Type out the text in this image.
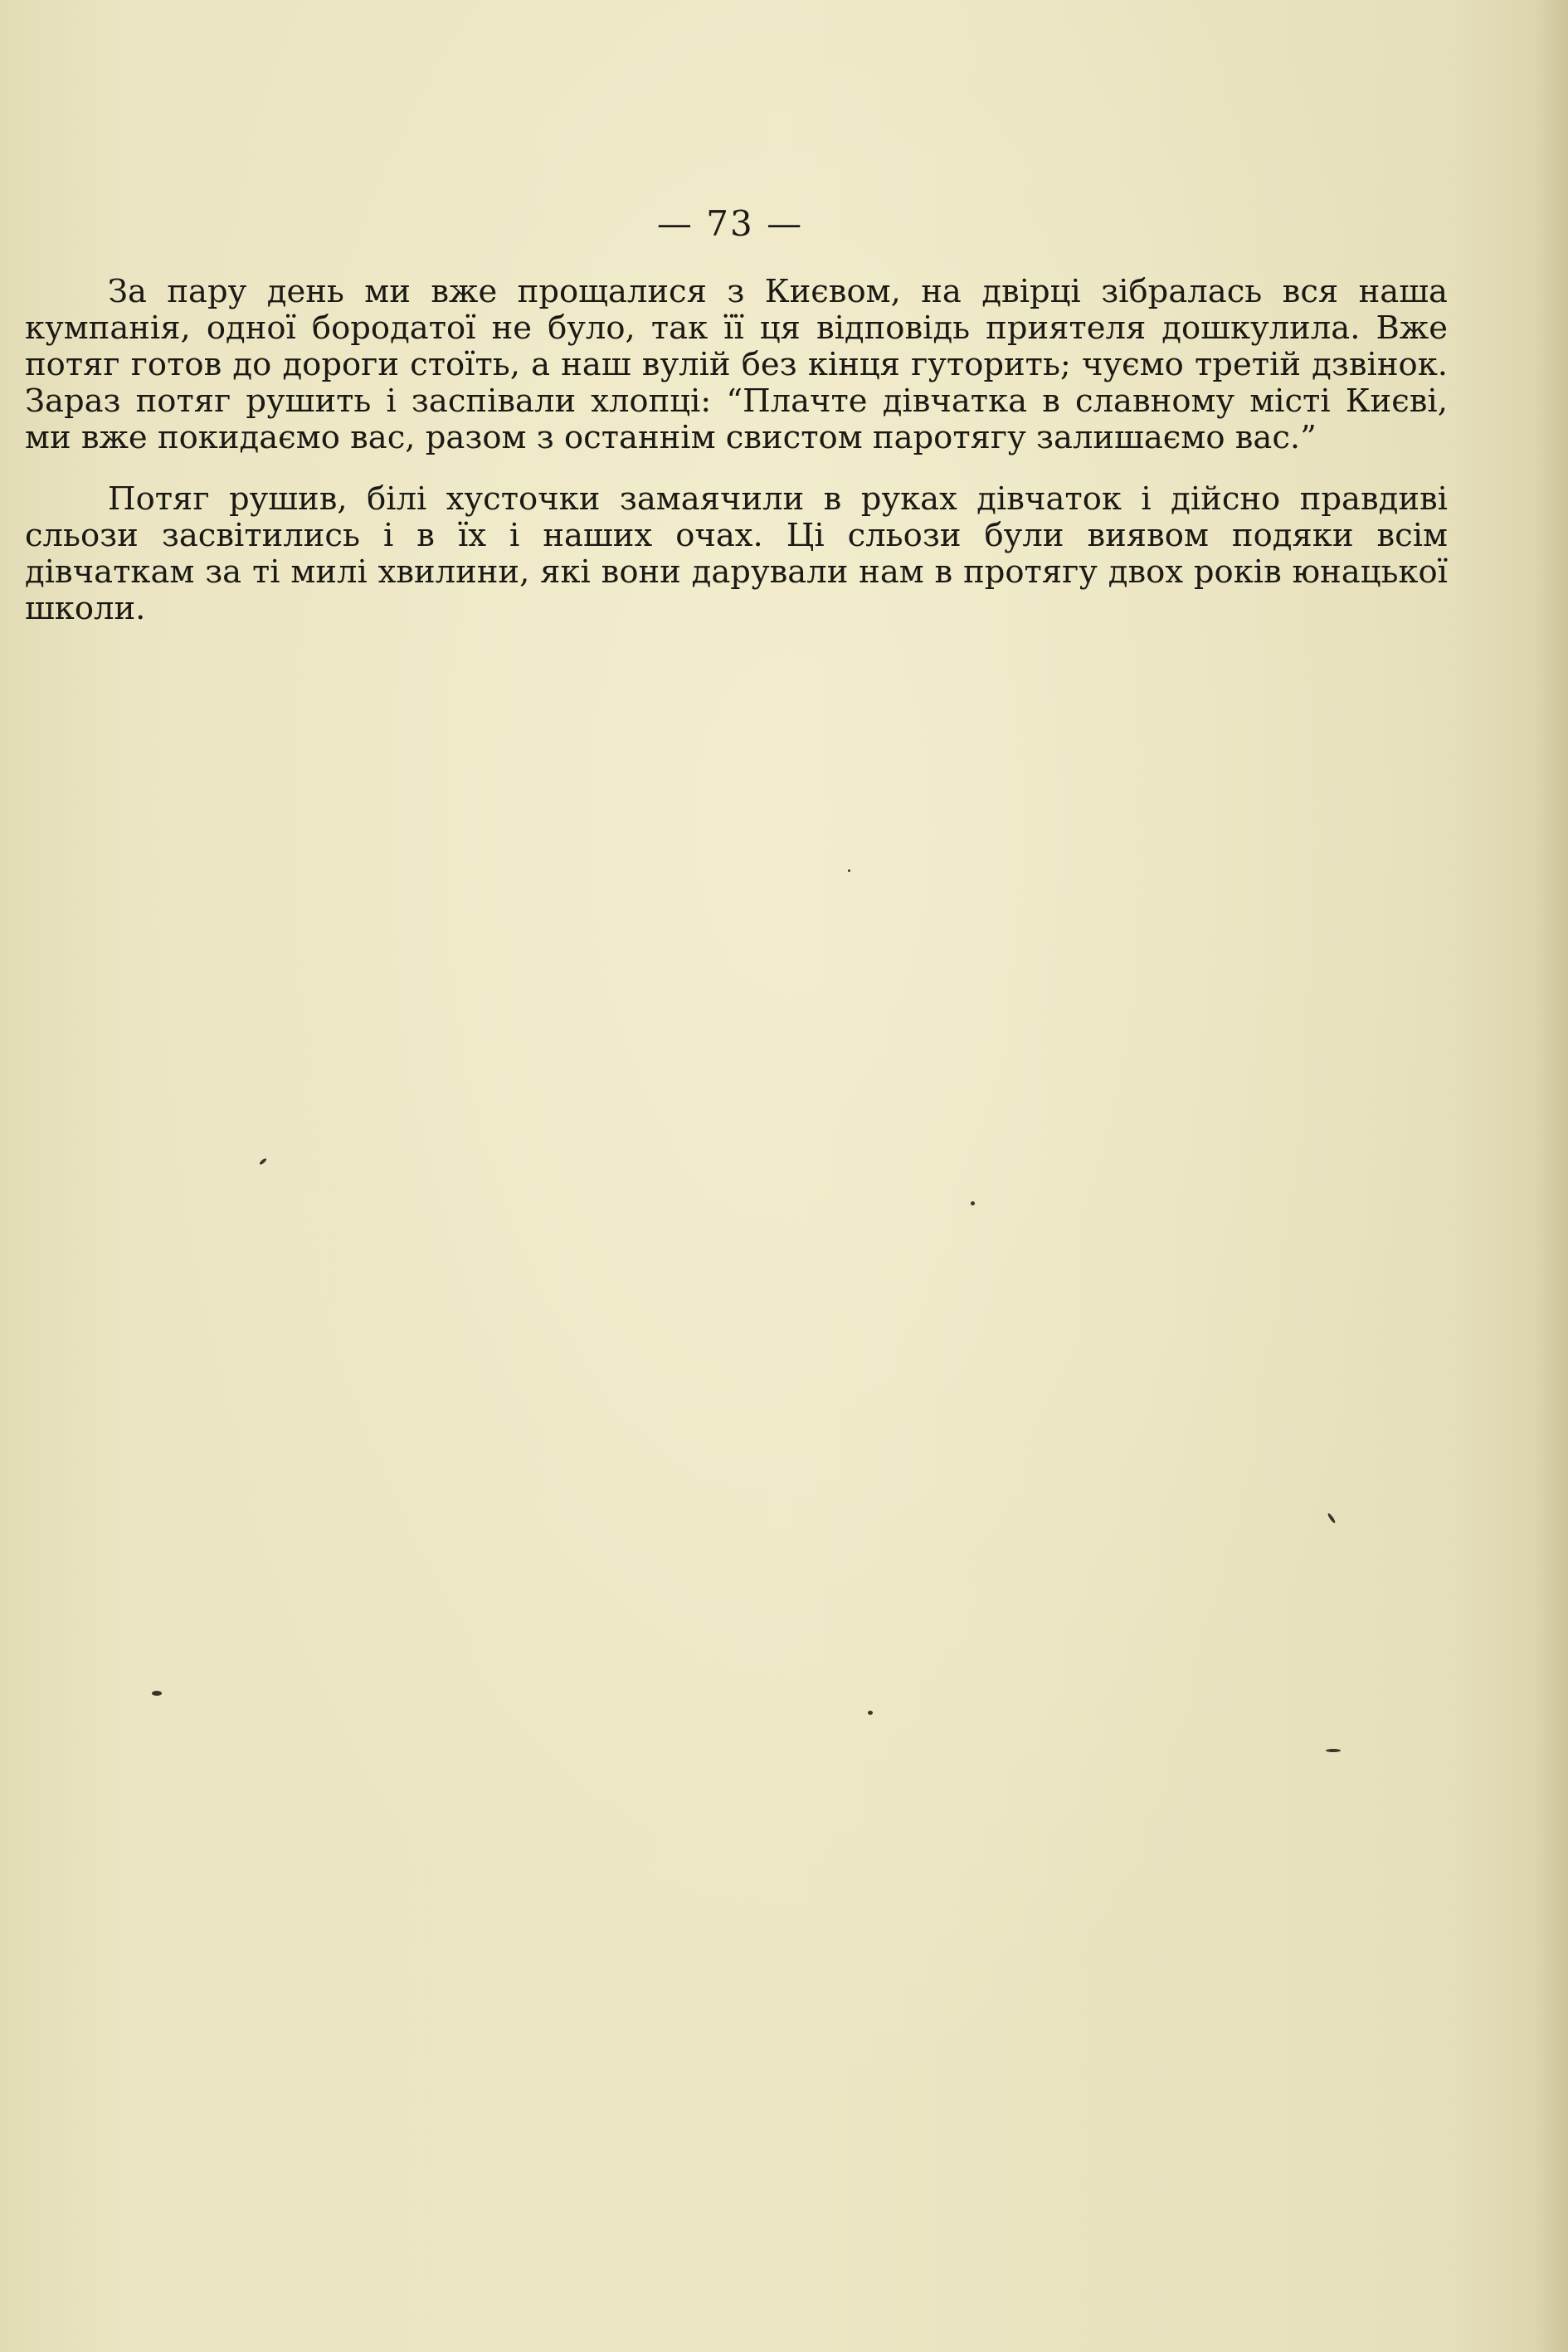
— 73 —

За пару день ми вже прощалися з Києвом, на двірці зібралась вся наша кумпанія, одної бородатої не було, так її ця відповідь приятеля дошкулила. Вже потяг готов до дороги стоїть, а наш вулій без кінця гуторить; чуємо третій дзвінок. Зараз потяг рушить і заспівали хлопці: “Плачте дівчатка в славному місті Києві, ми вже покидаємо вас, разом з останнім свистом паротягу залишаємо вас.”

Потяг рушив, білі хусточки замаячили в руках дівчаток і дійсно правдиві сльози засвітились і в їх і наших очах. Ці сльози були виявом подяки всім дівчаткам за ті милі хвилини, які вони дарували нам в протягу двох років юнацької школи.
